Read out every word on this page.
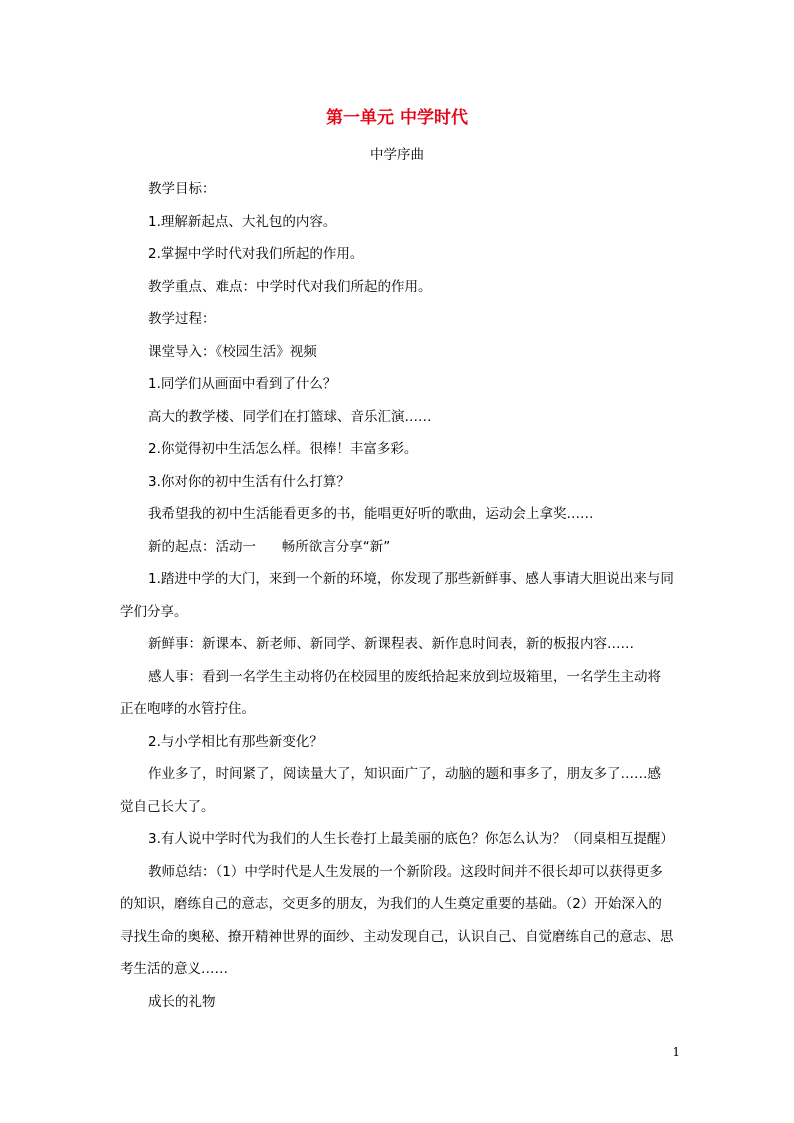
第一单元 中学时代
中学序曲

教学目标：

1.理解新起点、大礼包的内容。

2.掌握中学时代对我们所起的作用。

教学重点、难点：中学时代对我们所起的作用。

教学过程：

课堂导入：《校园生活》视频

1.同学们从画面中看到了什么？

高大的教学楼、同学们在打篮球、音乐汇演……

2.你觉得初中生活怎么样。很棒！丰富多彩。

3.你对你的初中生活有什么打算？

我希望我的初中生活能看更多的书，能唱更好听的歌曲，运动会上拿奖……

新的起点：活动一      畅所欲言分享“新”

1.踏进中学的大门，来到一个新的环境，你发现了那些新鲜事、感人事请大胆说出来与同学们分享。

新鲜事：新课本、新老师、新同学、新课程表、新作息时间表，新的板报内容……

感人事：看到一名学生主动将仍在校园里的废纸拾起来放到垃圾箱里，一名学生主动将正在咆哮的水管拧住。

2.与小学相比有那些新变化？

作业多了，时间紧了，阅读量大了，知识面广了，动脑的题和事多了，朋友多了……感觉自己长大了。

3.有人说中学时代为我们的人生长卷打上最美丽的底色？你怎么认为？（同桌相互提醒）

教师总结：（1）中学时代是人生发展的一个新阶段。这段时间并不很长却可以获得更多的知识，磨练自己的意志，交更多的朋友，为我们的人生奠定重要的基础。（2）开始深入的寻找生命的奥秘、撩开精神世界的面纱、主动发现自己，认识自己、自觉磨练自己的意志、思考生活的意义……

成长的礼物

1
